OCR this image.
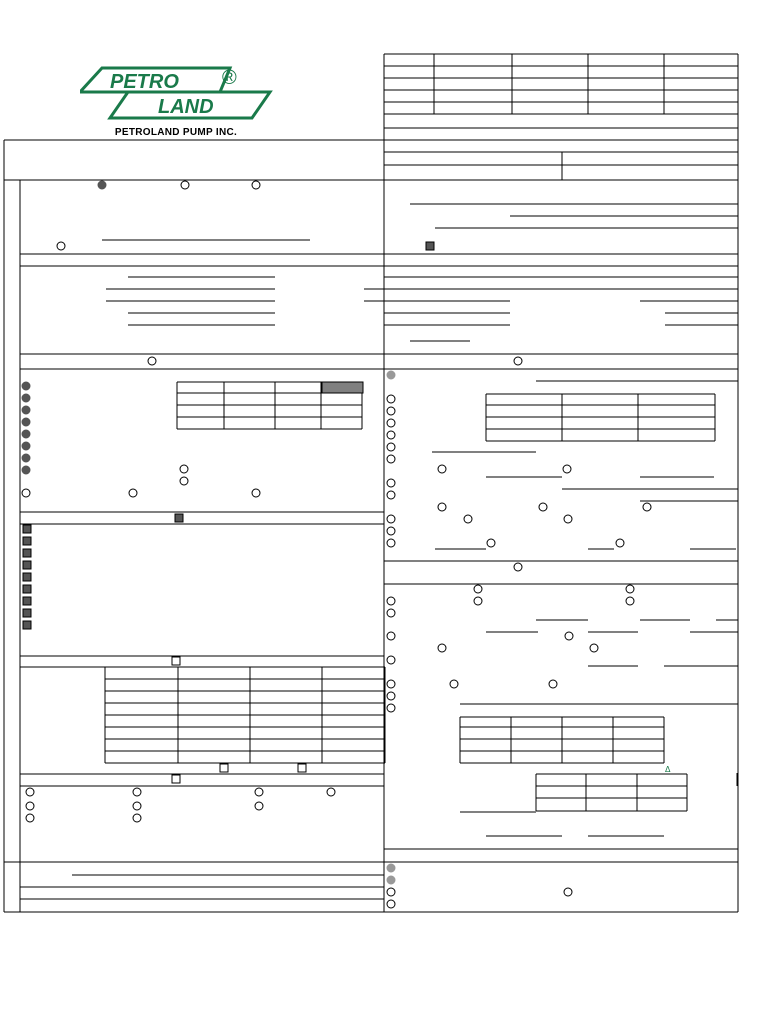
PETRO
LAND
®
PETROLAND PUMP INC.
Δ
